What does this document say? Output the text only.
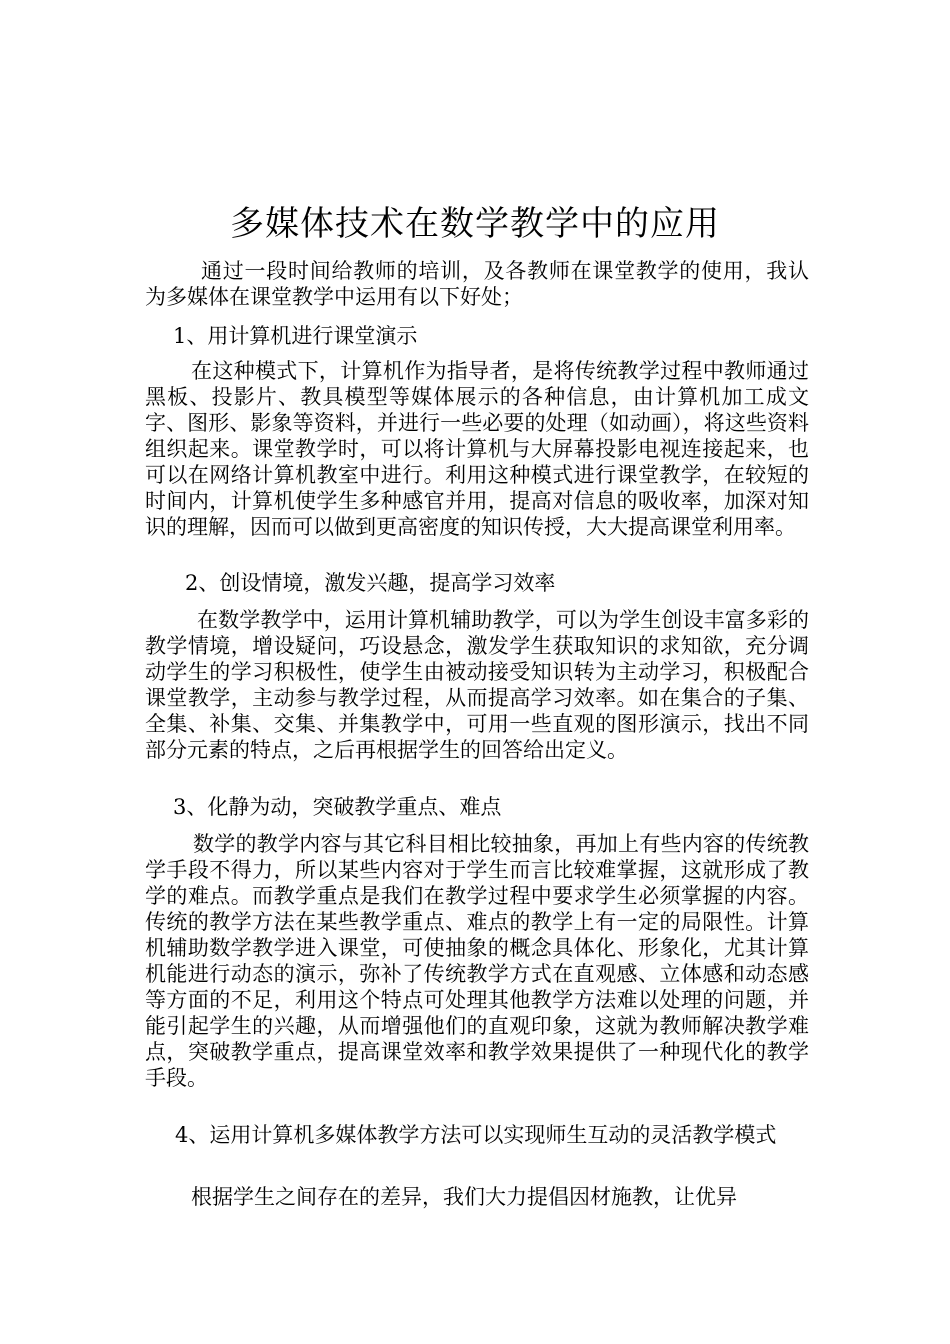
多媒体技术在数学教学中的应用

通过一段时间给教师的培训，及各教师在课堂教学的使用，我认为多媒体在课堂教学中运用有以下好处；

1、用计算机进行课堂演示

在这种模式下，计算机作为指导者，是将传统教学过程中教师通过黑板、投影片、教具模型等媒体展示的各种信息，由计算机加工成文字、图形、影象等资料，并进行一些必要的处理（如动画），将这些资料组织起来。课堂教学时，可以将计算机与大屏幕投影电视连接起来，也可以在网络计算机教室中进行。利用这种模式进行课堂教学，在较短的时间内，计算机使学生多种感官并用，提高对信息的吸收率，加深对知识的理解，因而可以做到更高密度的知识传授，大大提高课堂利用率。

2、创设情境，激发兴趣，提高学习效率

在数学教学中，运用计算机辅助教学，可以为学生创设丰富多彩的教学情境，增设疑问，巧设悬念，激发学生获取知识的求知欲，充分调动学生的学习积极性，使学生由被动接受知识转为主动学习，积极配合课堂教学，主动参与教学过程，从而提高学习效率。如在集合的子集、全集、补集、交集、并集教学中，可用一些直观的图形演示，找出不同部分元素的特点，之后再根据学生的回答给出定义。

3、化静为动，突破教学重点、难点

数学的教学内容与其它科目相比较抽象，再加上有些内容的传统教学手段不得力，所以某些内容对于学生而言比较难掌握，这就形成了教学的难点。而教学重点是我们在教学过程中要求学生必须掌握的内容。传统的教学方法在某些教学重点、难点的教学上有一定的局限性。计算机辅助数学教学进入课堂，可使抽象的概念具体化、形象化，尤其计算机能进行动态的演示，弥补了传统教学方式在直观感、立体感和动态感等方面的不足，利用这个特点可处理其他教学方法难以处理的问题，并能引起学生的兴趣，从而增强他们的直观印象，这就为教师解决教学难点，突破教学重点，提高课堂效率和教学效果提供了一种现代化的教学手段。

4、运用计算机多媒体教学方法可以实现师生互动的灵活教学模式

根据学生之间存在的差异，我们大力提倡因材施教，让优异
